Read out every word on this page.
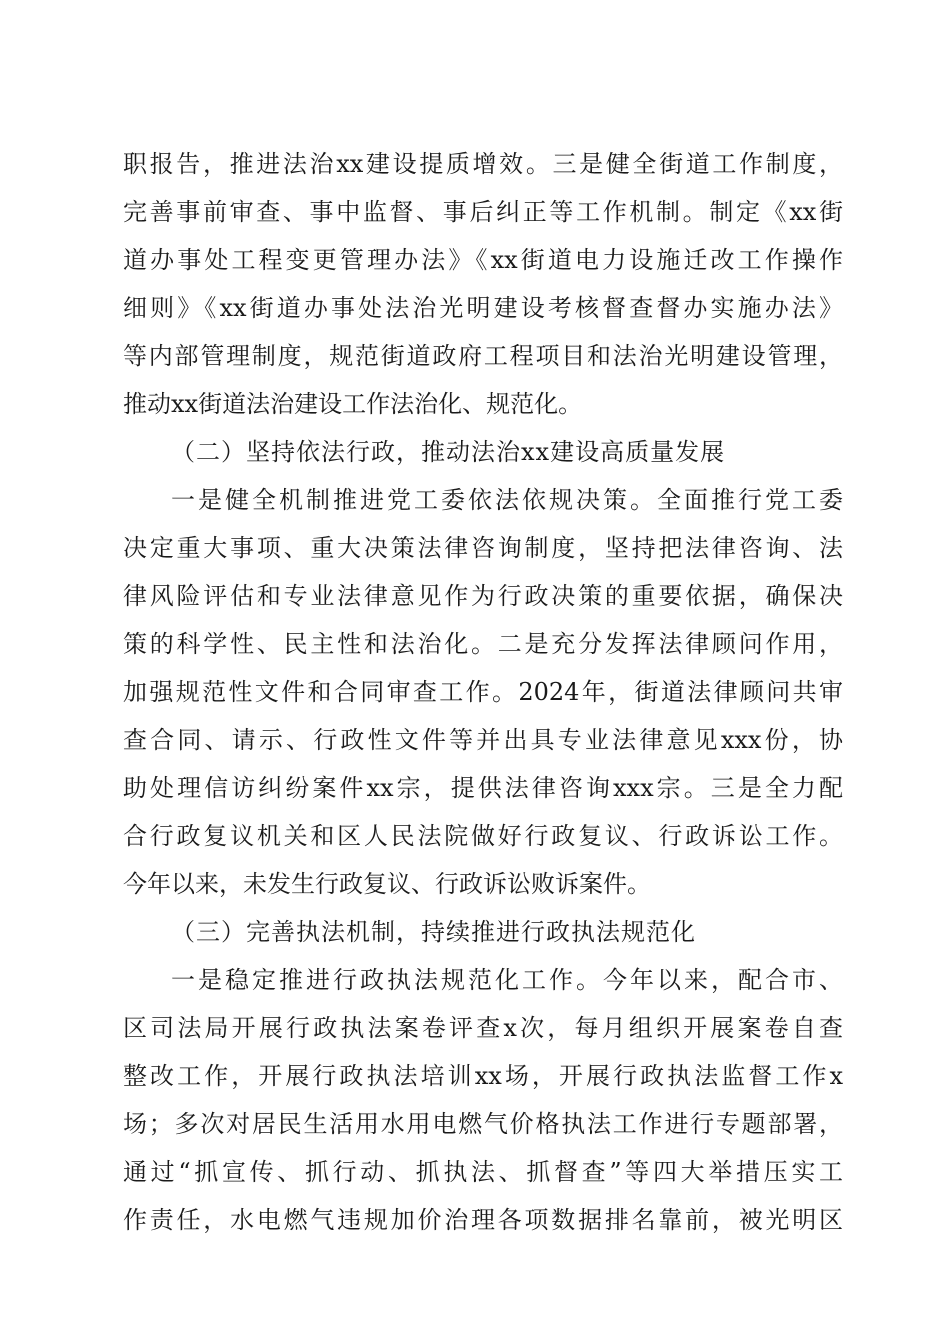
职报告，推进法治xx建设提质增效。三是健全街道工作制度，
完善事前审查、事中监督、事后纠正等工作机制。制定《xx街
道办事处工程变更管理办法》《xx街道电力设施迁改工作操作
细则》《xx街道办事处法治光明建设考核督查督办实施办法》
等内部管理制度，规范街道政府工程项目和法治光明建设管理，
推动xx街道法治建设工作法治化、规范化。
（二）坚持依法行政，推动法治xx建设高质量发展
一是健全机制推进党工委依法依规决策。全面推行党工委
决定重大事项、重大决策法律咨询制度，坚持把法律咨询、法
律风险评估和专业法律意见作为行政决策的重要依据，确保决
策的科学性、民主性和法治化。二是充分发挥法律顾问作用，
加强规范性文件和合同审查工作。2024年，街道法律顾问共审
查合同、请示、行政性文件等并出具专业法律意见xxx份，协
助处理信访纠纷案件xx宗，提供法律咨询xxx宗。三是全力配
合行政复议机关和区人民法院做好行政复议、行政诉讼工作。
今年以来，未发生行政复议、行政诉讼败诉案件。
（三）完善执法机制，持续推进行政执法规范化
一是稳定推进行政执法规范化工作。今年以来，配合市、
区司法局开展行政执法案卷评查x次，每月组织开展案卷自查
整改工作，开展行政执法培训xx场，开展行政执法监督工作x
场；多次对居民生活用水用电燃气价格执法工作进行专题部署，
通过“抓宣传、抓行动、抓执法、抓督查”等四大举措压实工
作责任，水电燃气违规加价治理各项数据排名靠前，被光明区
